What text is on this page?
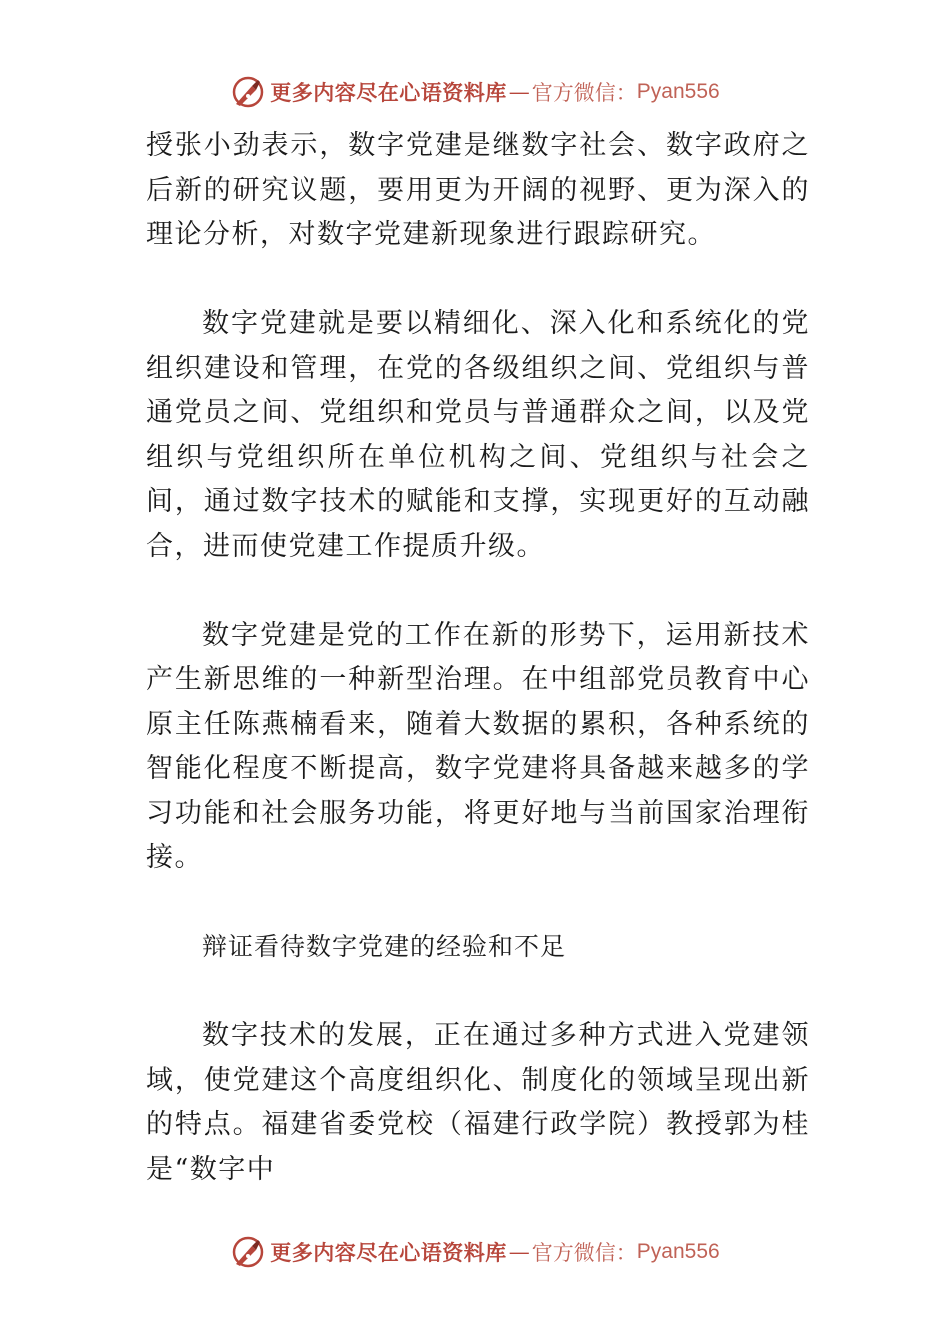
更多内容尽在心语资料库 — 官方微信： Pyan556

授张小劲表示，数字党建是继数字社会、数字政府之后新的研究议题，要用更为开阔的视野、更为深入的理论分析，对数字党建新现象进行跟踪研究。

数字党建就是要以精细化、深入化和系统化的党组织建设和管理，在党的各级组织之间、党组织与普通党员之间、党组织和党员与普通群众之间，以及党组织与党组织所在单位机构之间、党组织与社会之间，通过数字技术的赋能和支撑，实现更好的互动融合，进而使党建工作提质升级。

数字党建是党的工作在新的形势下，运用新技术产生新思维的一种新型治理。在中组部党员教育中心原主任陈燕楠看来，随着大数据的累积，各种系统的智能化程度不断提高，数字党建将具备越来越多的学习功能和社会服务功能，将更好地与当前国家治理衔接。

辩证看待数字党建的经验和不足

数字技术的发展，正在通过多种方式进入党建领域，使党建这个高度组织化、制度化的领域呈现出新的特点。福建省委党校（福建行政学院）教授郭为桂是“数字中

更多内容尽在心语资料库 — 官方微信： Pyan556
